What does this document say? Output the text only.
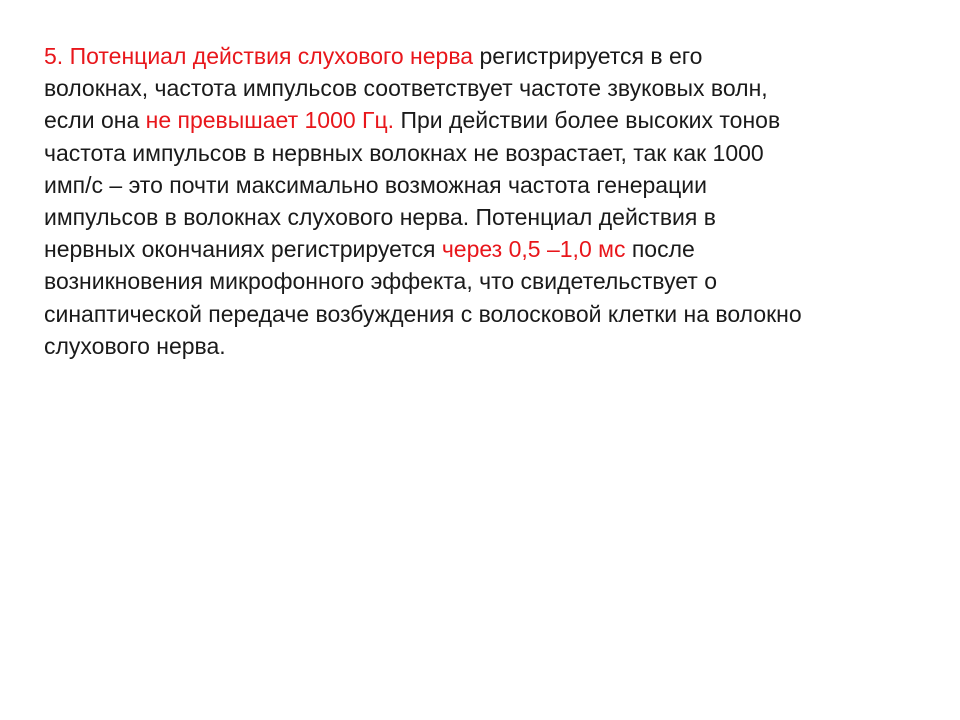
5. Потенциал действия слухового нерва регистрируется в его
волокнах, частота импульсов соответствует частоте звуковых волн,
если она не превышает 1000 Гц. При действии более высоких тонов
частота импульсов в нервных волокнах не возрастает, так как 1000
имп/с – это почти максимально возможная частота генерации
импульсов в волокнах слухового нерва. Потенциал действия в
нервных окончаниях регистрируется через 0,5 –1,0 мс после
возникновения микрофонного эффекта, что свидетельствует о
синаптической передаче возбуждения с волосковой клетки на волокно
слухового нерва.
